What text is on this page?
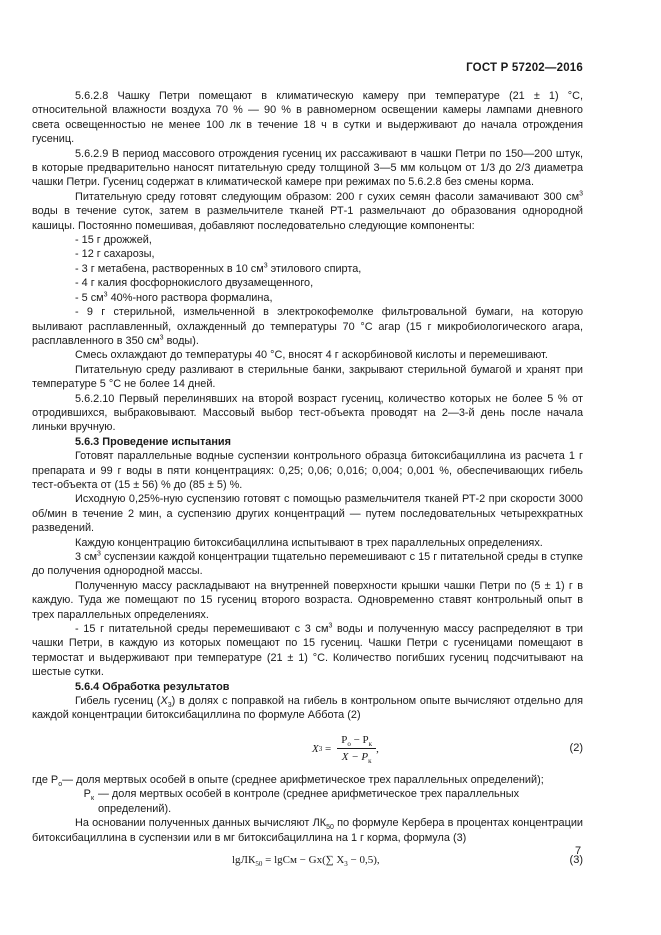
ГОСТ Р 57202—2016

5.6.2.8 Чашку Петри помещают в климатическую камеру при температуре (21 ± 1) °С, относительной влажности воздуха 70 % — 90 % в равномерном освещении камеры лампами дневного света освещенностью не менее 100 лк в течение 18 ч в сутки и выдерживают до начала отрождения гусениц.

5.6.2.9 В период массового отрождения гусениц их рассаживают в чашки Петри по 150—200 штук, в которые предварительно наносят питательную среду толщиной 3—5 мм кольцом от 1/3 до 2/3 диаметра чашки Петри. Гусениц содержат в климатической камере при режимах по 5.6.2.8 без смены корма.

Питательную среду готовят следующим образом: 200 г сухих семян фасоли замачивают 300 $см^3$ воды в течение суток, затем в размельчителе тканей РТ-1 размельчают до образования однородной кашицы. Постоянно помешивая, добавляют последовательно следующие компоненты:

- 15 г дрожжей,

- 12 г сахарозы,

- 3 г метабена, растворенных в 10 $см^3$ этилового спирта,

- 4 г калия фосфорнокислого двузамещенного,

- 5 $см^3$ 40%-ного раствора формалина,

- 9 г стерильной, измельченной в электрокофемолке фильтровальной бумаги, на которую выливают расплавленный, охлажденный до температуры 70 °С агар (15 г микробиологического агара, расплавленного в 350 $см^3$ воды).

Смесь охлаждают до температуры 40 °С, вносят 4 г аскорбиновой кислоты и перемешивают.

Питательную среду разливают в стерильные банки, закрывают стерильной бумагой и хранят при температуре 5 °С не более 14 дней.

5.6.2.10 Первый перелинявших на второй возраст гусениц, количество которых не более 5 % от отродившихся, выбраковывают. Массовый выбор тест-объекта проводят на 2—3-й день после начала линьки вручную.

5.6.3 Проведение испытания

Готовят параллельные водные суспензии контрольного образца битоксибациллина из расчета 1 г препарата и 99 г воды в пяти концентрациях: 0,25; 0,06; 0,016; 0,004; 0,001 %, обеспечивающих гибель тест-объекта от (15 ± 56) % до (85 ± 5) %.

Исходную 0,25%-ную суспензию готовят с помощью размельчителя тканей РТ-2 при скорости 3000 об/мин в течение 2 мин, а суспензию других концентраций — путем последовательных четырехкратных разведений.

Каждую концентрацию битоксибациллина испытывают в трех параллельных определениях.

3 $см^3$ суспензии каждой концентрации тщательно перемешивают с 15 г питательной среды в ступке до получения однородной массы.

Полученную массу раскладывают на внутренней поверхности крышки чашки Петри по (5 ± 1) г в каждую. Туда же помещают по 15 гусениц второго возраста. Одновременно ставят контрольный опыт в трех параллельных определениях.

- 15 г питательной среды перемешивают с 3 $см^3$ воды и полученную массу распределяют в три чашки Петри, в каждую из которых помещают по 15 гусениц. Чашки Петри с гусеницами помещают в термостат и выдерживают при температуре (21 ± 1) °С. Количество погибших гусениц подсчитывают на шестые сутки.

5.6.4 Обработка результатов

Гибель гусениц $(X_3)$ в долях с поправкой на гибель в контрольном опыте вычисляют отдельно для каждой концентрации битоксибациллина по формуле Аббота (2)

X $3 = \frac{P_о - P_к}{X - P_к}$ ,	(2)
где $P_о$ — доля мертвых особей в опыте (среднее арифметическое трех параллельных определений);
$P_к$ — доля мертвых особей в контроле (среднее арифметическое трех параллельных определений).

На основании полученных данных вычисляют $ЛК_{50}$ по формуле Кербера в процентах концентрации битоксибациллина в суспензии или в мг битоксибациллина на 1 г корма, формула (3)

lgЛК$_{50}$ = lgCм − Gx(∑ $X_3 - 0,5$),	(3)
7
